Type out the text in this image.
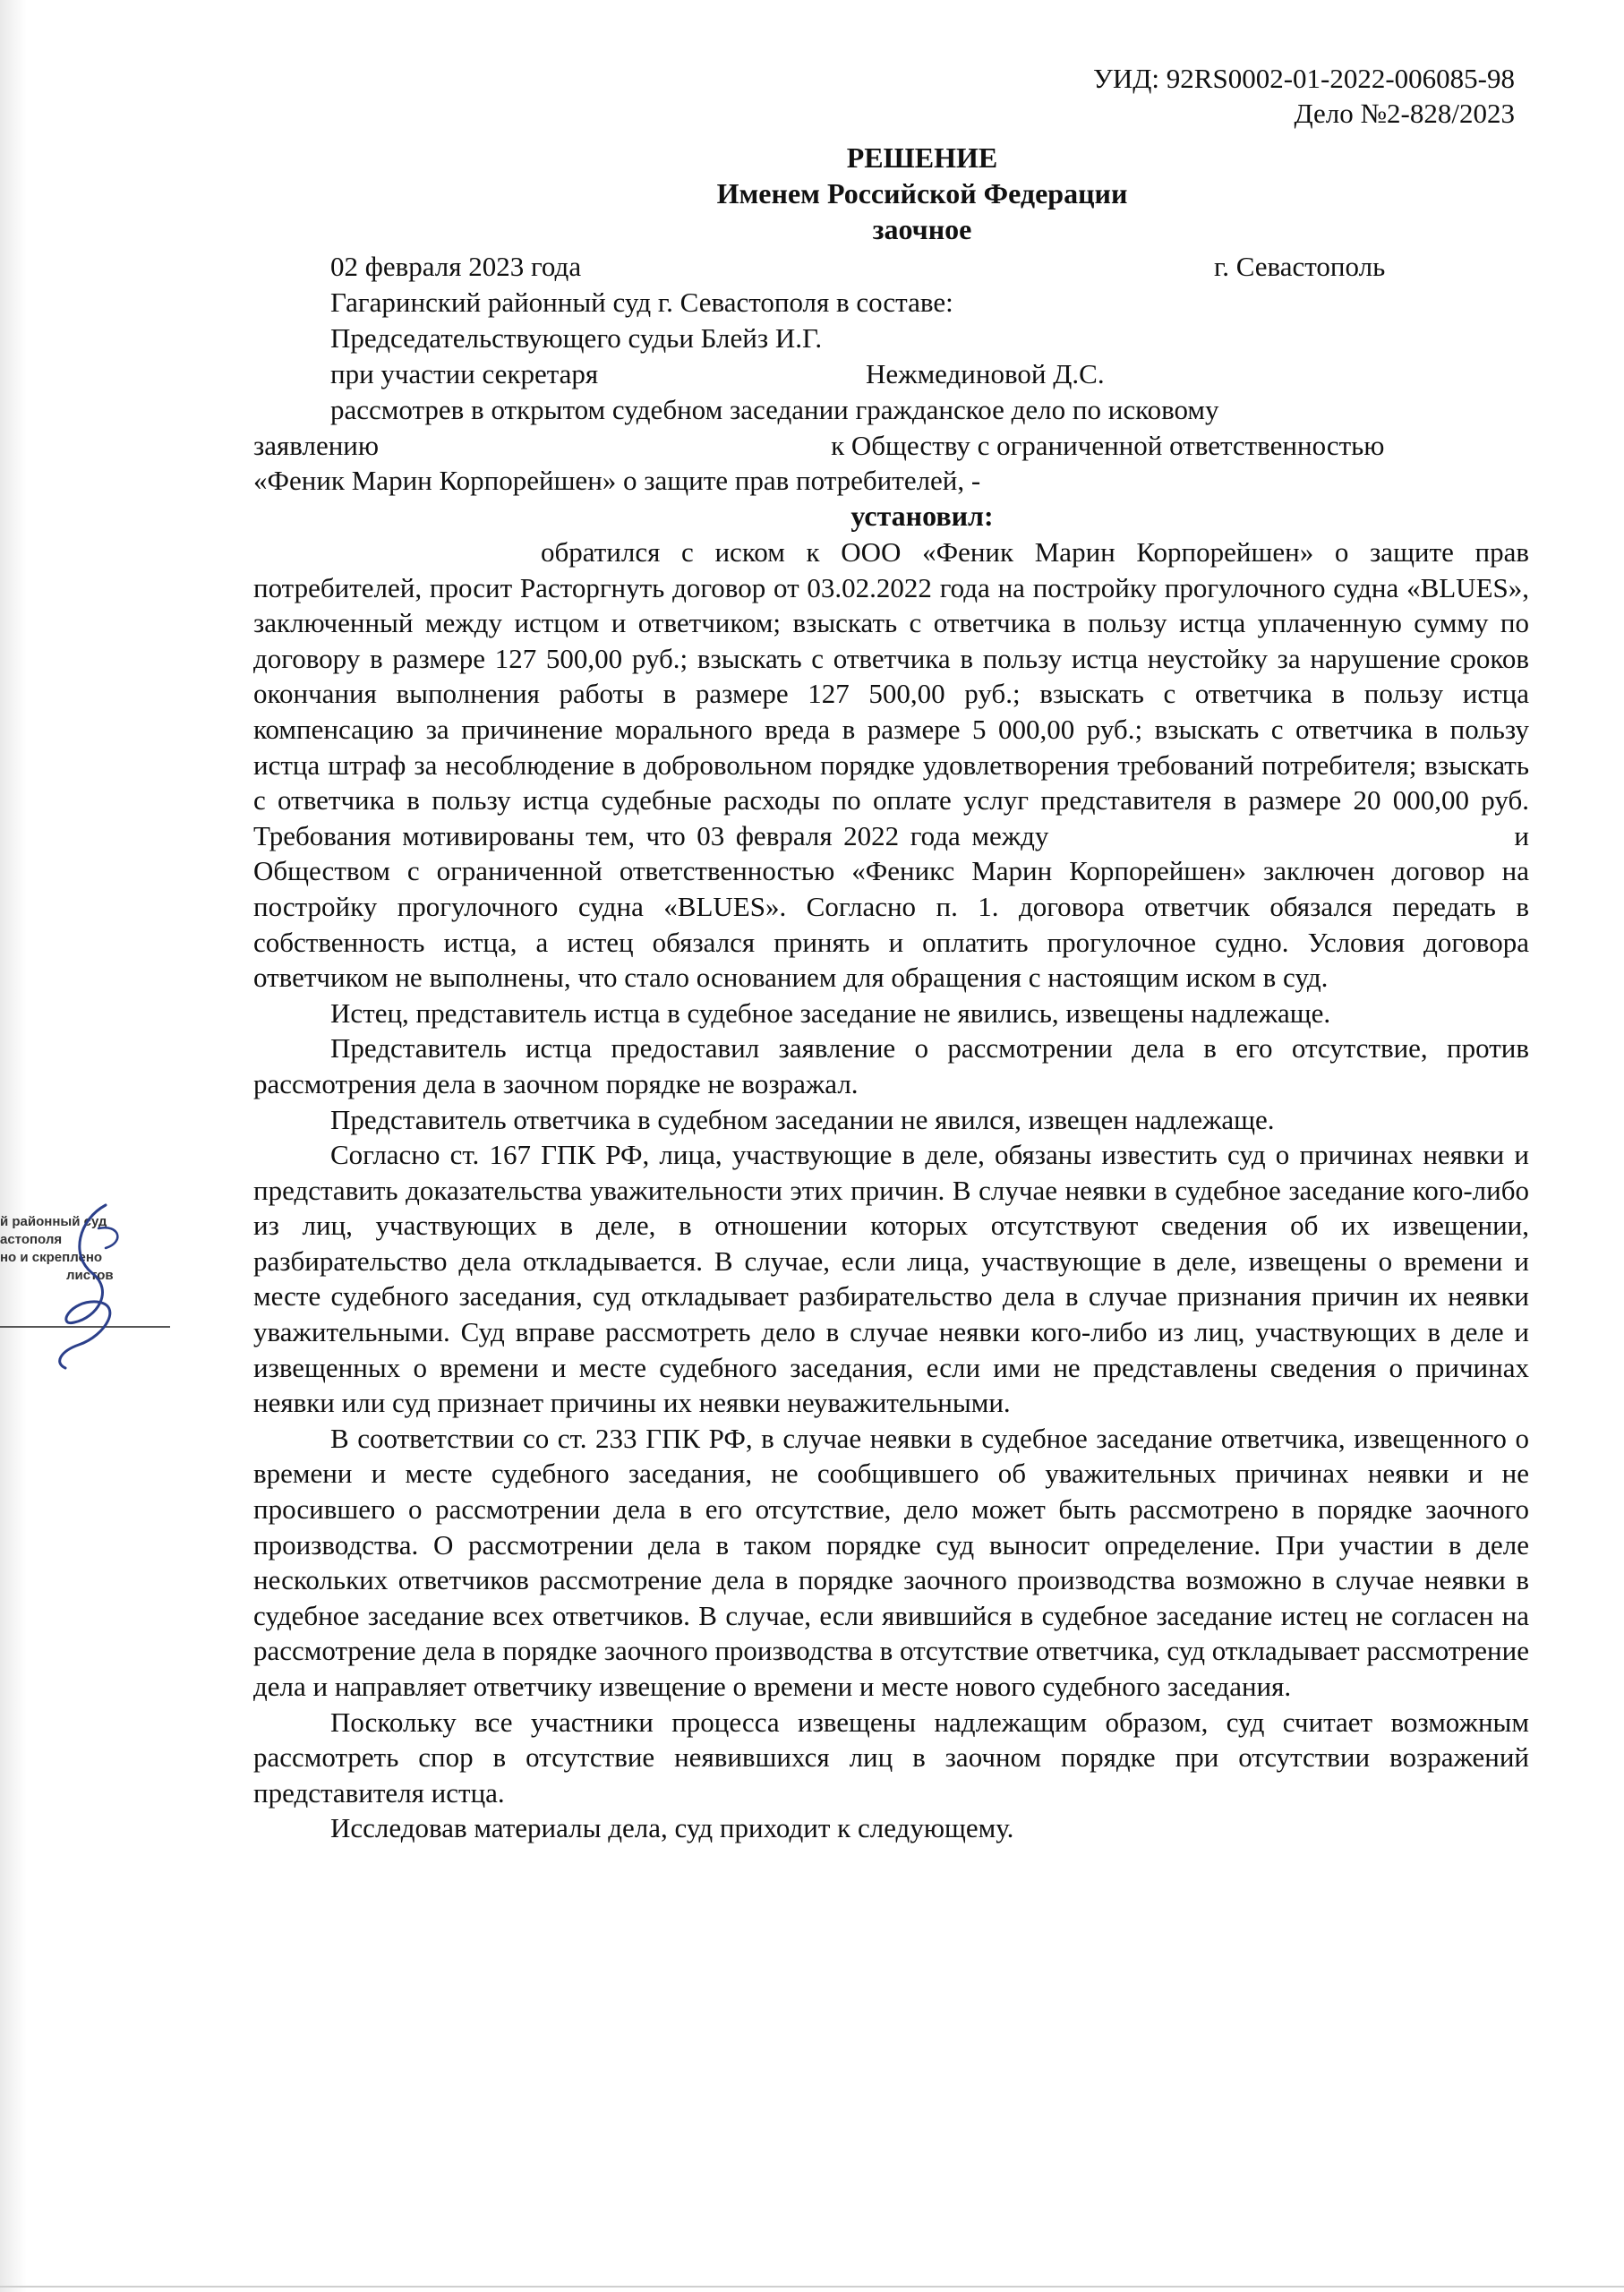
УИД: 92RS0002-01-2022-006085-98
Дело №2-828/2023
РЕШЕНИЕ
Именем Российской Федерации
заочное
02 февраля 2023 года	г. Севастополь
Гагаринский районный суд г. Севастополя в составе:
Председательствующего судьи Блейз И.Г.
при участии секретаря	Нежмединовой Д.С.

рассмотрев в открытом судебном заседании гражданское дело по исковому

заявлению	к Обществу с ограниченной ответственностью

«Феник Марин Корпорейшен» о защите прав потребителей, -

установил:

обратился с иском к ООО «Феник Марин Корпорейшен» о защите прав потребителей, просит Расторгнуть договор от 03.02.2022 года на постройку прогулочного судна «BLUES», заключенный между истцом и ответчиком; взыскать с ответчика в пользу истца уплаченную сумму по договору в размере 127 500,00 руб.; взыскать с ответчика в пользу истца неустойку за нарушение сроков окончания выполнения работы в размере 127 500,00 руб.; взыскать с ответчика в пользу истца компенсацию за причинение морального вреда в размере 5 000,00 руб.; взыскать с ответчика в пользу истца штраф за несоблюдение в добровольном порядке удовлетворения требований потребителя; взыскать с ответчика в пользу истца судебные расходы по оплате услуг представителя в размере 20 000,00 руб. Требования мотивированы тем, что 03 февраля 2022 года между	и Обществом с ограниченной ответственностью «Феникс Марин Корпорейшен» заключен договор на постройку прогулочного судна «BLUES». Согласно п. 1. договора ответчик обязался передать в собственность истца, а истец обязался принять и оплатить прогулочное судно. Условия договора ответчиком не выполнены, что стало основанием для обращения с настоящим иском в суд.

Истец, представитель истца в судебное заседание не явились, извещены надлежаще.

Представитель истца предоставил заявление о рассмотрении дела в его отсутствие, против рассмотрения дела в заочном порядке не возражал.

Представитель ответчика в судебном заседании не явился, извещен надлежаще.

Согласно ст. 167 ГПК РФ, лица, участвующие в деле, обязаны известить суд о причинах неявки и представить доказательства уважительности этих причин. В случае неявки в судебное заседание кого-либо из лиц, участвующих в деле, в отношении которых отсутствуют сведения об их извещении, разбирательство дела откладывается. В случае, если лица, участвующие в деле, извещены о времени и месте судебного заседания, суд откладывает разбирательство дела в случае признания причин их неявки уважительными. Суд вправе рассмотреть дело в случае неявки кого-либо из лиц, участвующих в деле и извещенных о времени и месте судебного заседания, если ими не представлены сведения о причинах неявки или суд признает причины их неявки неуважительными.

В соответствии со ст. 233 ГПК РФ, в случае неявки в судебное заседание ответчика, извещенного о времени и месте судебного заседания, не сообщившего об уважительных причинах неявки и не просившего о рассмотрении дела в его отсутствие, дело может быть рассмотрено в порядке заочного производства. О рассмотрении дела в таком порядке суд выносит определение. При участии в деле нескольких ответчиков рассмотрение дела в порядке заочного производства возможно в случае неявки в судебное заседание всех ответчиков. В случае, если явившийся в судебное заседание истец не согласен на рассмотрение дела в порядке заочного производства в отсутствие ответчика, суд откладывает рассмотрение дела и направляет ответчику извещение о времени и месте нового судебного заседания.

Поскольку все участники процесса извещены надлежащим образом, суд считает возможным рассмотреть спор в отсутствие неявившихся лиц в заочном порядке при отсутствии возражений представителя истца.

Исследовав материалы дела, суд приходит к следующему.

й районный суд
астополя
но и скреплено
листов
